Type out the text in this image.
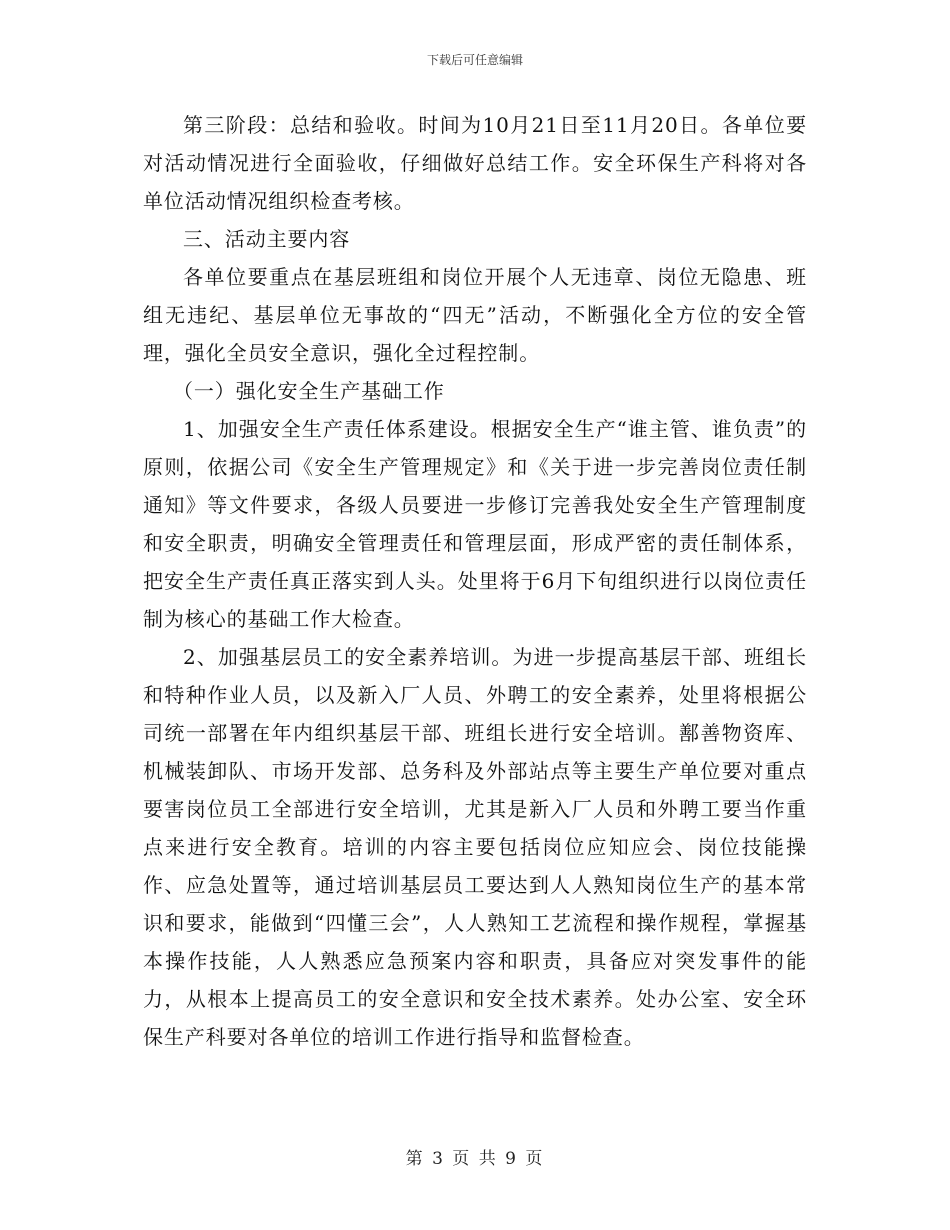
下载后可任意编辑

第三阶段：总结和验收。时间为10月21日至11月20日。各单位要对活动情况进行全面验收，仔细做好总结工作。安全环保生产科将对各单位活动情况组织检查考核。

三、活动主要内容

各单位要重点在基层班组和岗位开展个人无违章、岗位无隐患、班组无违纪、基层单位无事故的“四无”活动，不断强化全方位的安全管理，强化全员安全意识，强化全过程控制。

（一）强化安全生产基础工作

1、加强安全生产责任体系建设。根据安全生产“谁主管、谁负责”的原则，依据公司《安全生产管理规定》和《关于进一步完善岗位责任制通知》等文件要求，各级人员要进一步修订完善我处安全生产管理制度和安全职责，明确安全管理责任和管理层面，形成严密的责任制体系，把安全生产责任真正落实到人头。处里将于6月下旬组织进行以岗位责任制为核心的基础工作大检查。

2、加强基层员工的安全素养培训。为进一步提高基层干部、班组长和特种作业人员，以及新入厂人员、外聘工的安全素养，处里将根据公司统一部署在年内组织基层干部、班组长进行安全培训。鄯善物资库、机械装卸队、市场开发部、总务科及外部站点等主要生产单位要对重点要害岗位员工全部进行安全培训，尤其是新入厂人员和外聘工要当作重点来进行安全教育。培训的内容主要包括岗位应知应会、岗位技能操作、应急处置等，通过培训基层员工要达到人人熟知岗位生产的基本常识和要求，能做到“四懂三会”，人人熟知工艺流程和操作规程，掌握基本操作技能，人人熟悉应急预案内容和职责，具备应对突发事件的能力，从根本上提高员工的安全意识和安全技术素养。处办公室、安全环保生产科要对各单位的培训工作进行指导和监督检查。

第 3 页 共 9 页
